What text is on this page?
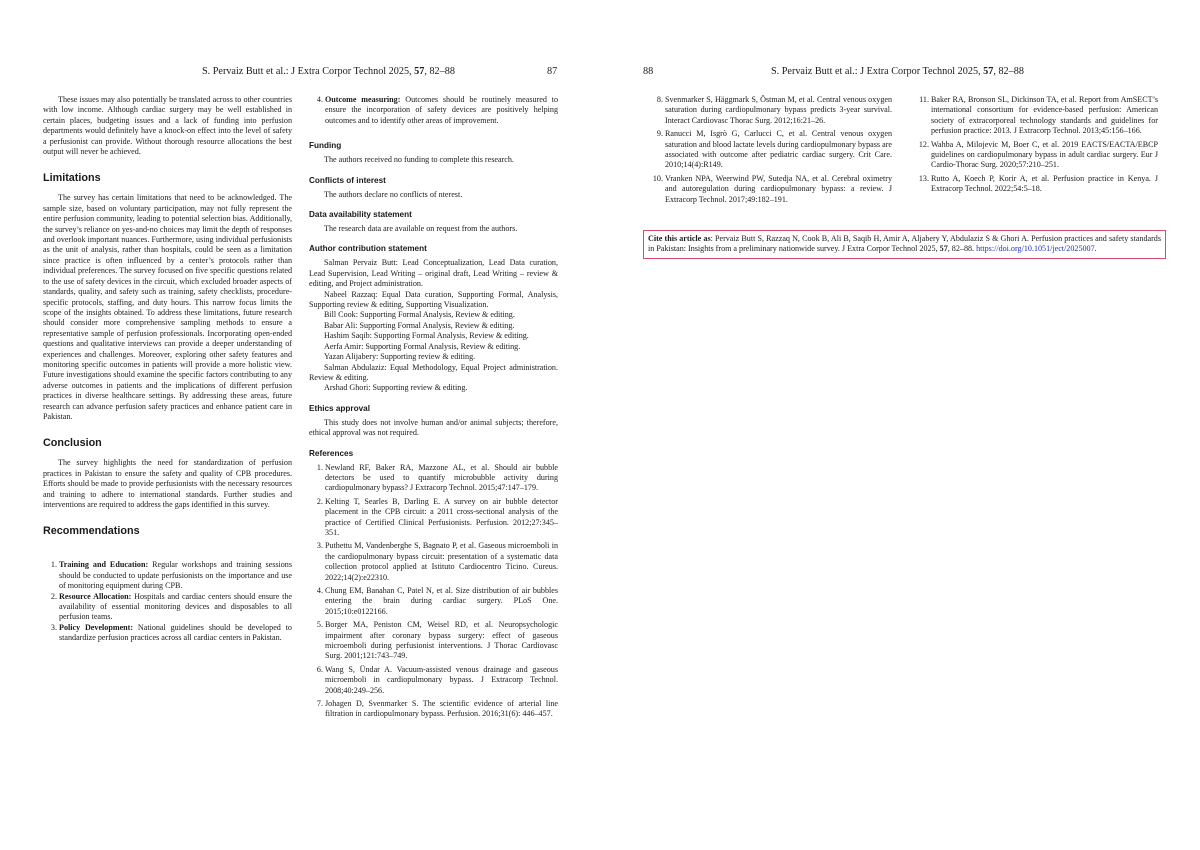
S. Pervaiz Butt et al.: J Extra Corpor Technol 2025, 57, 82–88	87

These issues may also potentially be translated across to other countries with low income. Although cardiac surgery may be well established in certain places, budgeting issues and a lack of funding into perfusion departments would definitely have a knock-on effect into the level of safety a perfusionist can provide. Without thorough resource allocations the best output will never be achieved.

Limitations

The survey has certain limitations that need to be acknowledged. The sample size, based on voluntary participation, may not fully represent the entire perfusion community, leading to potential selection bias. Additionally, the survey’s reliance on yes-and-no choices may limit the depth of responses and overlook important nuances. Furthermore, using individual perfusionists as the unit of analysis, rather than hospitals, could be seen as a limitation since practice is often influenced by a center’s protocols rather than individual preferences. The survey focused on five specific questions related to the use of safety devices in the circuit, which excluded broader aspects of standards, quality, and safety such as training, safety checklists, procedure-specific protocols, staffing, and duty hours. This narrow focus limits the scope of the insights obtained. To address these limitations, future research should consider more comprehensive sampling methods to ensure a representative sample of perfusion professionals. Incorporating open-ended questions and qualitative interviews can provide a deeper understanding of experiences and challenges. Moreover, exploring other safety features and monitoring specific outcomes in patients will provide a more holistic view. Future investigations should examine the specific factors contributing to any adverse outcomes in patients and the implications of different perfusion practices in diverse healthcare settings. By addressing these areas, future research can advance perfusion safety practices and enhance patient care in Pakistan.

Conclusion

The survey highlights the need for standardization of perfusion practices in Pakistan to ensure the safety and quality of CPB procedures. Efforts should be made to provide perfusionists with the necessary resources and training to adhere to international standards. Further studies and interventions are required to address the gaps identified in this survey.

Recommendations
1. Training and Education: Regular workshops and training sessions should be conducted to update perfusionists on the importance and use of monitoring equipment during CPB.
2. Resource Allocation: Hospitals and cardiac centers should ensure the availability of essential monitoring devices and disposables to all perfusion teams.
3. Policy Development: National guidelines should be developed to standardize perfusion practices across all cardiac centers in Pakistan.
4. Outcome measuring: Outcomes should be routinely measured to ensure the incorporation of safety devices are positively helping outcomes and to identify other areas of improvement.
Funding

The authors received no funding to complete this research.

Conflicts of interest

The authors declare no conflicts of nterest.

Data availability statement

The research data are available on request from the authors.

Author contribution statement

Salman Pervaiz Butt: Lead Conceptualization, Lead Data curation, Lead Supervision, Lead Writing – original draft, Lead Writing – review & editing, and Project administration.

Nabeel Razzaq: Equal Data curation, Supporting Formal, Analysis, Supporting review & editing, Supporting Visualization.

Bill Cook: Supporting Formal Analysis, Review & editing.

Babar Ali: Supporting Formal Analysis, Review & editing.

Hashim Saqib: Supporting Formal Analysis, Review & editing.

Aerfa Amir: Supporting Formal Analysis, Review & editing.

Yazan Alijabery: Supporting review & editing.

Salman Abdulaziz: Equal Methodology, Equal Project administration. Review & editing.

Arshad Ghori: Supporting review & editing.

Ethics approval

This study does not involve human and/or animal subjects; therefore, ethical approval was not required.

References
1. Newland RF, Baker RA, Mazzone AL, et al. Should air bubble detectors be used to quantify microbubble activity during cardiopulmonary bypass? J Extracorp Technol. 2015;47:147–179.
2. Kelting T, Searles B, Darling E. A survey on air bubble detector placement in the CPB circuit: a 2011 cross-sectional analysis of the practice of Certified Clinical Perfusionists. Perfusion. 2012;27:345–351.
3. Puthettu M, Vandenberghe S, Bagnato P, et al. Gaseous microemboli in the cardiopulmonary bypass circuit: presentation of a systematic data collection protocol applied at Istituto Cardiocentro Ticino. Cureus. 2022;14(2):e22310.
4. Chung EM, Banahan C, Patel N, et al. Size distribution of air bubbles entering the brain during cardiac surgery. PLoS One. 2015;10:e0122166.
5. Borger MA, Peniston CM, Weisel RD, et al. Neuropsychologic impairment after coronary bypass surgery: effect of gaseous microemboli during perfusionist interventions. J Thorac Cardiovasc Surg. 2001;121:743–749.
6. Wang S, Ündar A. Vacuum-assisted venous drainage and gaseous microemboli in cardiopulmonary bypass. J Extracorp Technol. 2008;40:249–256.
7. Johagen D, Svenmarker S. The scientific evidence of arterial line filtration in cardiopulmonary bypass. Perfusion. 2016;31(6): 446–457.
88	S. Pervaiz Butt et al.: J Extra Corpor Technol 2025, 57, 82–88
8. Svenmarker S, Häggmark S, Östman M, et al. Central venous oxygen saturation during cardiopulmonary bypass predicts 3-year survival. Interact Cardiovasc Thorac Surg. 2012;16:21–26.
9. Ranucci M, Isgrò G, Carlucci C, et al. Central venous oxygen saturation and blood lactate levels during cardiopulmonary bypass are associated with outcome after pediatric cardiac surgery. Crit Care. 2010;14(4):R149.
10. Vranken NPA, Weerwind PW, Sutedja NA, et al. Cerebral oximetry and autoregulation during cardiopulmonary bypass: a review. J Extracorp Technol. 2017;49:182–191.
11. Baker RA, Bronson SL, Dickinson TA, et al. Report from AmSECT’s international consortium for evidence-based perfusion: American society of extracorporeal technology standards and guidelines for perfusion practice: 2013. J Extracorp Technol. 2013;45:156–166.
12. Wahba A, Milojevic M, Boer C, et al. 2019 EACTS/EACTA/EBCP guidelines on cardiopulmonary bypass in adult cardiac surgery. Eur J Cardio-Thorac Surg. 2020;57:210–251.
13. Rutto A, Koech P, Korir A, et al. Perfusion practice in Kenya. J Extracorp Technol. 2022;54:5–18.
Cite this article as: Pervaiz Butt S, Razzaq N, Cook B, Ali B, Saqib H, Amir A, Aljabery Y, Abdulaziz S & Ghori A. Perfusion practices and safety standards in Pakistan: Insights from a preliminary nationwide survey. J Extra Corpor Technol 2025, 57, 82–88. https://doi.org/10.1051/ject/2025007.
